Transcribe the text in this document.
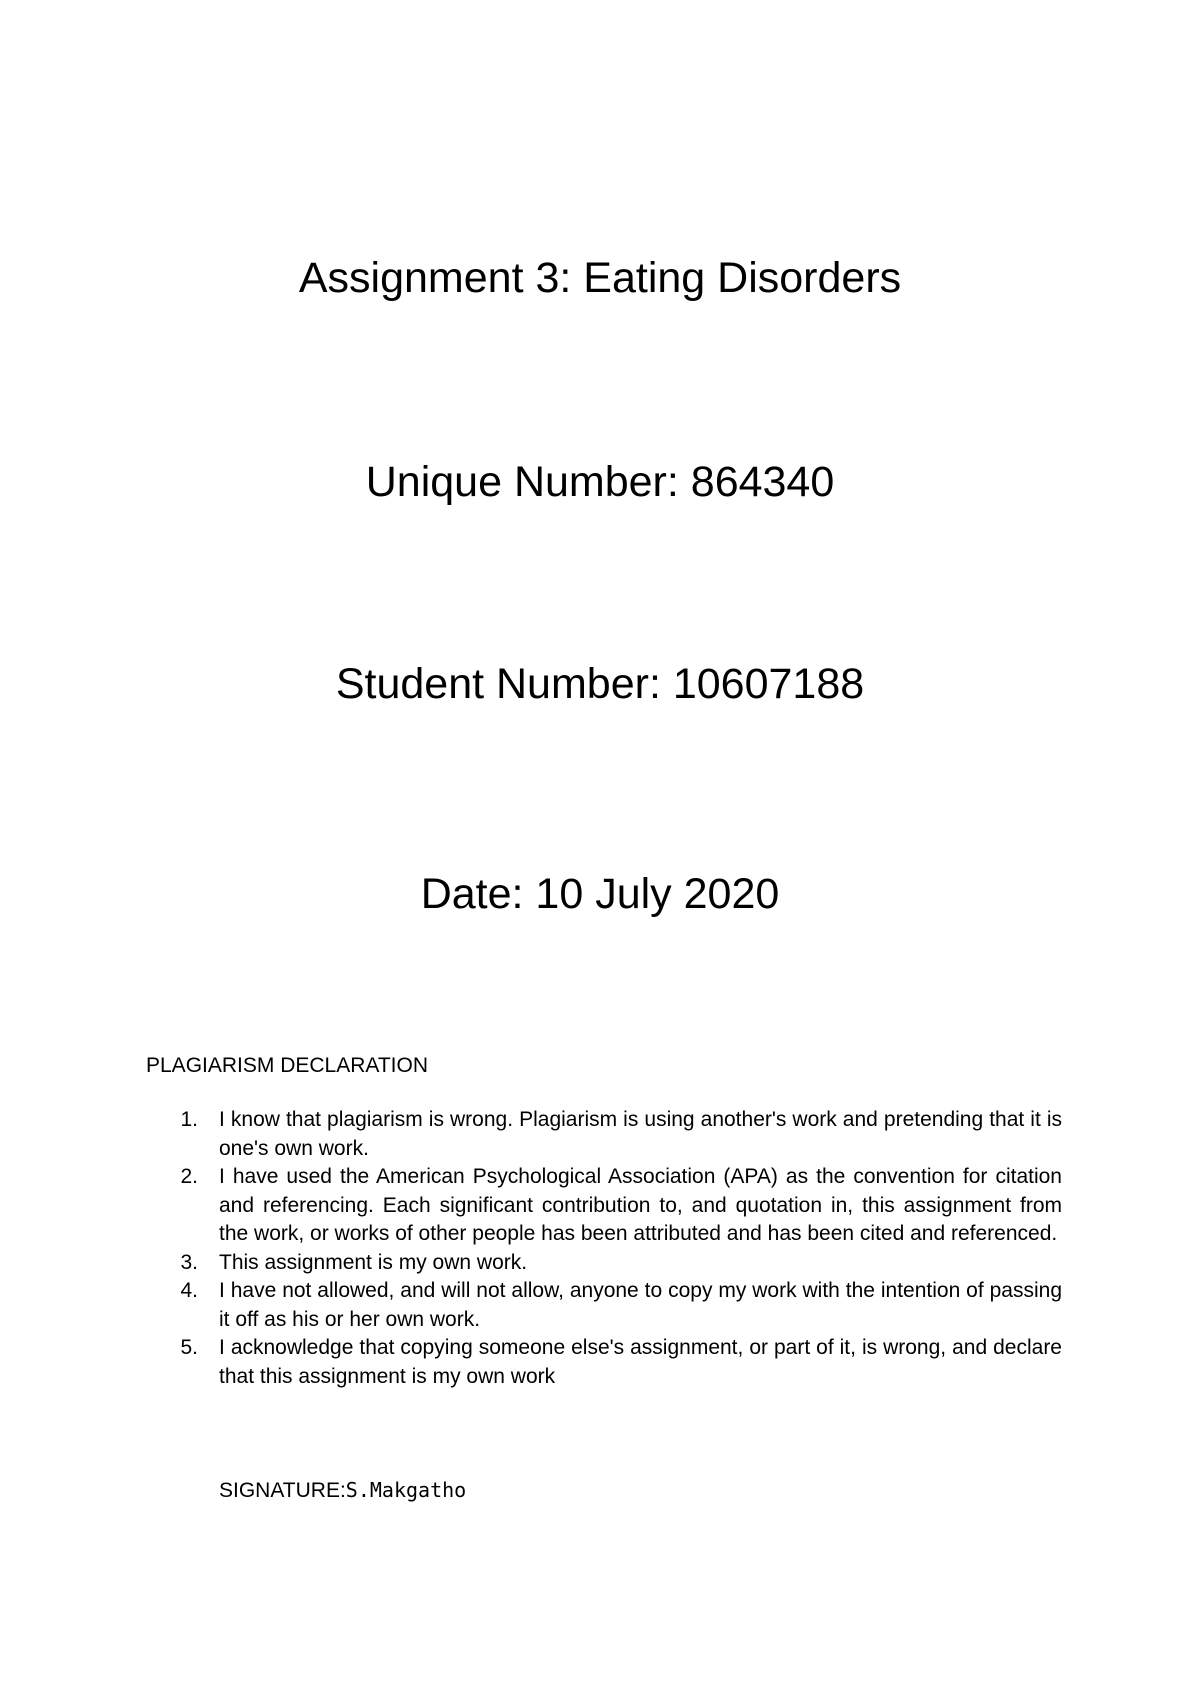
Assignment 3: Eating Disorders
Unique Number: 864340
Student Number: 10607188
Date: 10 July 2020
PLAGIARISM DECLARATION
1. I know that plagiarism is wrong. Plagiarism is using another's work and pretending that it is one's own work.
2. I have used the American Psychological Association (APA) as the convention for citation and referencing. Each significant contribution to, and quotation in, this assignment from the work, or works of other people has been attributed and has been cited and referenced.
3. This assignment is my own work.
4. I have not allowed, and will not allow, anyone to copy my work with the intention of passing it off as his or her own work.
5. I acknowledge that copying someone else's assignment, or part of it, is wrong, and declare that this assignment is my own work
SIGNATURE:S.Makgatho
